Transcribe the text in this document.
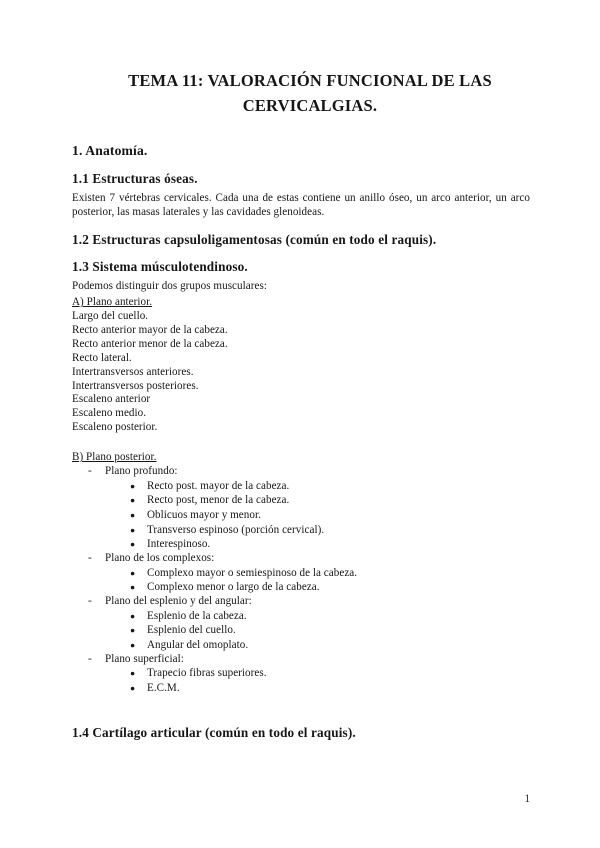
TEMA 11: VALORACIÓN FUNCIONAL DE LAS CERVICALGIAS.
1. Anatomía.
1.1 Estructuras óseas.

Existen 7 vértebras cervicales. Cada una de estas contiene un anillo óseo, un arco anterior, un arco posterior, las masas laterales y las cavidades glenoideas.

1.2 Estructuras capsuloligamentosas (común en todo el raquis).
1.3 Sistema músculotendinoso.

Podemos distinguir dos grupos musculares:

A) Plano anterior.

Largo del cuello.

Recto anterior mayor de la cabeza.

Recto anterior menor de la cabeza.

Recto lateral.

Intertransversos anteriores.

Intertransversos posteriores.

Escaleno anterior

Escaleno medio.

Escaleno posterior.

B) Plano posterior.
- Plano profundo:
● Recto post. mayor de la cabeza.
● Recto post, menor de la cabeza.
● Oblicuos mayor y menor.
● Transverso espinoso (porción cervical).
● Interespinoso.
- Plano de los complexos:
● Complexo mayor o semiespinoso de la cabeza.
● Complexo menor o largo de la cabeza.
- Plano del esplenio y del angular:
● Esplenio de la cabeza.
● Esplenio del cuello.
● Angular del omoplato.
- Plano superficial:
● Trapecio fibras superiores.
● E.C.M.
1.4 Cartílago articular (común en todo el raquis).
1
